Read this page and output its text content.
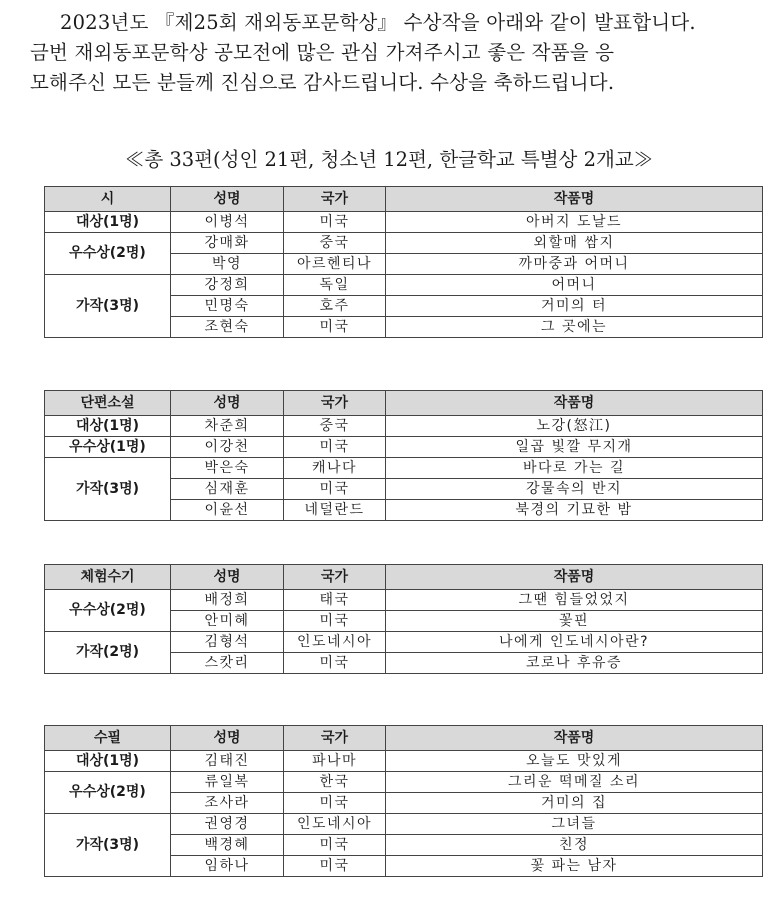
2023년도 『제25회 재외동포문학상』 수상작을 아래와 같이 발표합니다.

금번 재외동포문학상 공모전에 많은 관심 가져주시고 좋은 작품을 응

모해주신 모든 분들께 진심으로 감사드립니다. 수상을 축하드립니다.

≪총 33편(성인 21편, 청소년 12편, 한글학교 특별상 2개교≫
시	성명	국가	작품명
대상(1명)	이병석	미국	아버지 도날드
우수상(2명)	강매화	중국	외할매 쌈지
	박영	아르헨티나	까마중과 어머니
가작(3명)	강정희	독일	어머니
	민명숙	호주	거미의 터
	조현숙	미국	그 곳에는
단편소설	성명	국가	작품명
대상(1명)	차준희	중국	노강(怒江)
우수상(1명)	이강천	미국	일곱 빛깔 무지개
가작(3명)	박은숙	캐나다	바다로 가는 길
	심재훈	미국	강물속의 반지
	이윤선	네덜란드	북경의 기묘한 밤
체험수기	성명	국가	작품명
우수상(2명)	배정희	태국	그땐 힘들었었지
	안미혜	미국	꽃핀
가작(2명)	김형석	인도네시아	나에게 인도네시아란?
	스캇리	미국	코로나 후유증
수필	성명	국가	작품명
대상(1명)	김태진	파나마	오늘도 맛있게
우수상(2명)	류일복	한국	그리운 떡메질 소리
	조사라	미국	거미의 집
가작(3명)	권영경	인도네시아	그녀들
	백경혜	미국	친정
	임하나	미국	꽃 파는 남자
